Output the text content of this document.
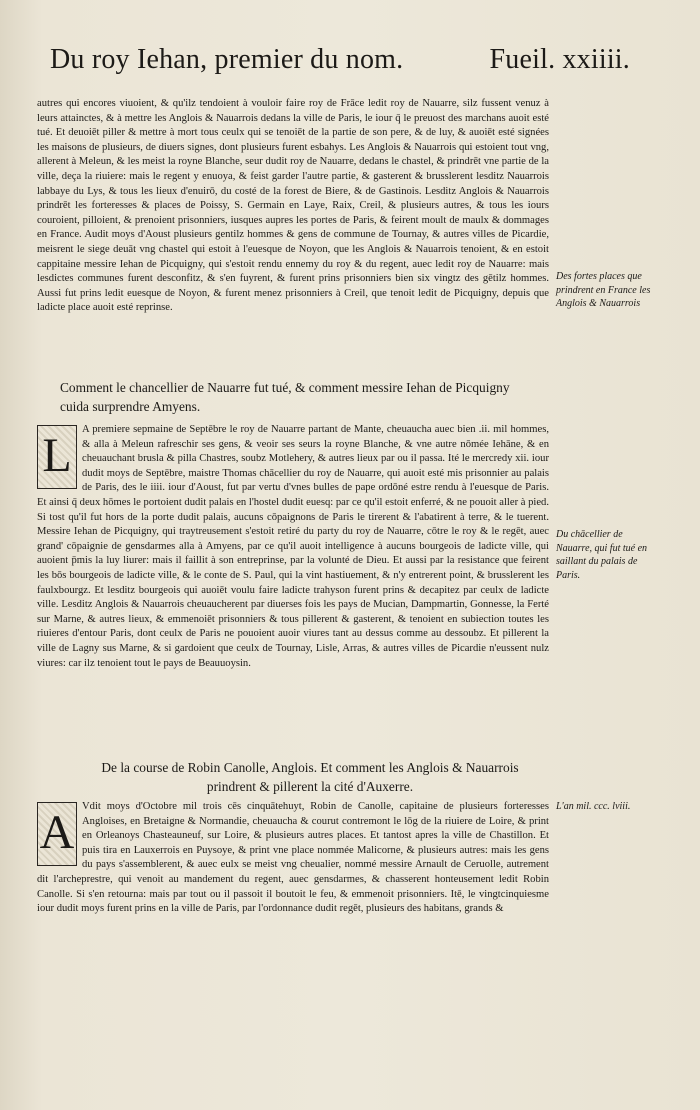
Du roy Iehan, premier du nom.	Fueil. xxiiii.

autres qui encores viuoient, & qu'ilz tendoient à vouloir faire roy de Frāce ledit roy de Nauarre, silz fussent venuz à leurs attainctes, & à mettre les Anglois & Nauarrois dedans la ville de Paris, le iour q̄ le preuost des marchans auoit esté tué. Et deuoiēt piller & mettre à mort tous ceulx qui se tenoiēt de la partie de son pere, & de luy, & auoiēt esté signées les maisons de plusieurs, de diuers signes, dont plusieurs furent esbahys. Les Anglois & Nauarrois qui estoient tout vng, allerent à Meleun, & les meist la royne Blanche, seur dudit roy de Nauarre, dedans le chastel, & prindrēt vne partie de la ville, deça la riuiere: mais le regent y enuoya, & feist garder l'autre partie, & gasterent & brusslerent lesditz Nauarrois labbaye du Lys, & tous les lieux d'enuirō, du costé de la forest de Biere, & de Gastinois. Lesditz Anglois & Nauarrois prindrēt les forteresses & places de Poissy, S. Germain en Laye, Raix, Creil, & plusieurs autres, & tous les iours couroient, pilloient, & prenoient prisonniers, iusques aupres les portes de Paris, & feirent moult de maulx & dommages en France. Audit moys d'Aoust plusieurs gentilz hommes & gens de commune de Tournay, & autres villes de Picardie, meisrent le siege deuāt vng chastel qui estoit à l'euesque de Noyon, que les Anglois & Nauarrois tenoient, & en estoit cappitaine messire Iehan de Picquigny, qui s'estoit rendu ennemy du roy & du regent, auec ledit roy de Nauarre: mais lesdictes communes furent desconfitz, & s'en fuyrent, & furent prins prisonniers bien six vingtz des gētilz hommes. Aussi fut prins ledit euesque de Noyon, & furent menez prisonniers à Creil, que tenoit ledit de Picquigny, depuis que ladicte place auoit esté reprinse.

Des fortes places que prindrent en France les Anglois & Nauarrois
Comment le chancellier de Nauarre fut tué, & comment messire Iehan de Picquigny cuida surprendre Amyens.
L A premiere sepmaine de Septēbre le roy de Nauarre partant de Mante, cheuaucha auec bien .ii. mil hommes, & alla à Meleun rafreschir ses gens, & veoir ses seurs la royne Blanche, & vne autre nōmée Iehāne, & en cheuauchant brusla & pilla Chastres, soubz Motlehery, & autres lieux par ou il passa. Ité le mercredy xii. iour dudit moys de Septēbre, maistre Thomas chācellier du roy de Nauarre, qui auoit esté mis prisonnier au palais de Paris, des le iiii. iour d'Aoust, fut par vertu d'vnes bulles de pape ordōné estre rendu à l'euesque de Paris. Et ainsi q̄ deux hōmes le portoient dudit palais en l'hostel dudit euesq: par ce qu'il estoit enferré, & ne pouoit aller à pied. Si tost qu'il fut hors de la porte dudit palais, aucuns cōpaignons de Paris le tirerent & l'abatirent à terre, & le tuerent. Messire Iehan de Picquigny, qui traytreusement s'estoit retiré du party du roy de Nauarre, cōtre le roy & le regēt, auec grand' cōpaignie de gensdarmes alla à Amyens, par ce qu'il auoit intelligence à aucuns bourgeois de ladicte ville, qui auoient p̄mis la luy liurer: mais il faillit à son entreprinse, par la volunté de Dieu. Et aussi par la resistance que feirent les bōs bourgeois de ladicte ville, & le conte de S. Paul, qui la vint hastiuement, & n'y entrerent point, & brusslerent les faulxbourgz. Et lesditz bourgeois qui auoiēt voulu faire ladicte trahyson furent prins & decapitez par ceulx de ladicte ville. Lesditz Anglois & Nauarrois cheuaucherent par diuerses fois les pays de Mucian, Dampmartin, Gonnesse, la Ferté sur Marne, & autres lieux, & emmenoiēt prisonniers & tous pillerent & gasterent, & tenoient en subiection toutes les riuieres d'entour Paris, dont ceulx de Paris ne pouoient auoir viures tant au dessus comme au dessoubz. Et pillerent la ville de Lagny sus Marne, & si gardoient que ceulx de Tournay, Lisle, Arras, & autres villes de Picardie n'eussent nulz viures: car ilz tenoient tout le pays de Beauuoysin.

Du chācellier de Nauarre, qui fut tué en saillant du palais de Paris.
De la course de Robin Canolle, Anglois. Et comment les Anglois & Nauarrois prindrent & pillerent la cité d'Auxerre.
A Vdit moys d'Octobre mil trois cēs cinquātehuyt, Robin de Canolle, capitaine de plusieurs forteresses Angloises, en Bretaigne & Normandie, cheuaucha & courut contremont le lōg de la riuiere de Loire, & print en Orleanoys Chasteauneuf, sur Loire, & plusieurs autres places. Et tantost apres la ville de Chastillon. Et puis tira en Lauxerrois en Puysoye, & print vne place nommée Malicorne, & plusieurs autres: mais les gens du pays s'assemblerent, & auec eulx se meist vng cheualier, nommé messire Arnault de Ceruolle, autrement dit l'archeprestre, qui venoit au mandement du regent, auec gensdarmes, & chasserent honteusement ledit Robin Canolle. Si s'en retourna: mais par tout ou il passoit il boutoit le feu, & emmenoit prisonniers. Itē, le vingtcinquiesme iour dudit moys furent prins en la ville de Paris, par l'ordonnance dudit regēt, plusieurs des habitans, grands &

L'an mil. ccc. lviii.
